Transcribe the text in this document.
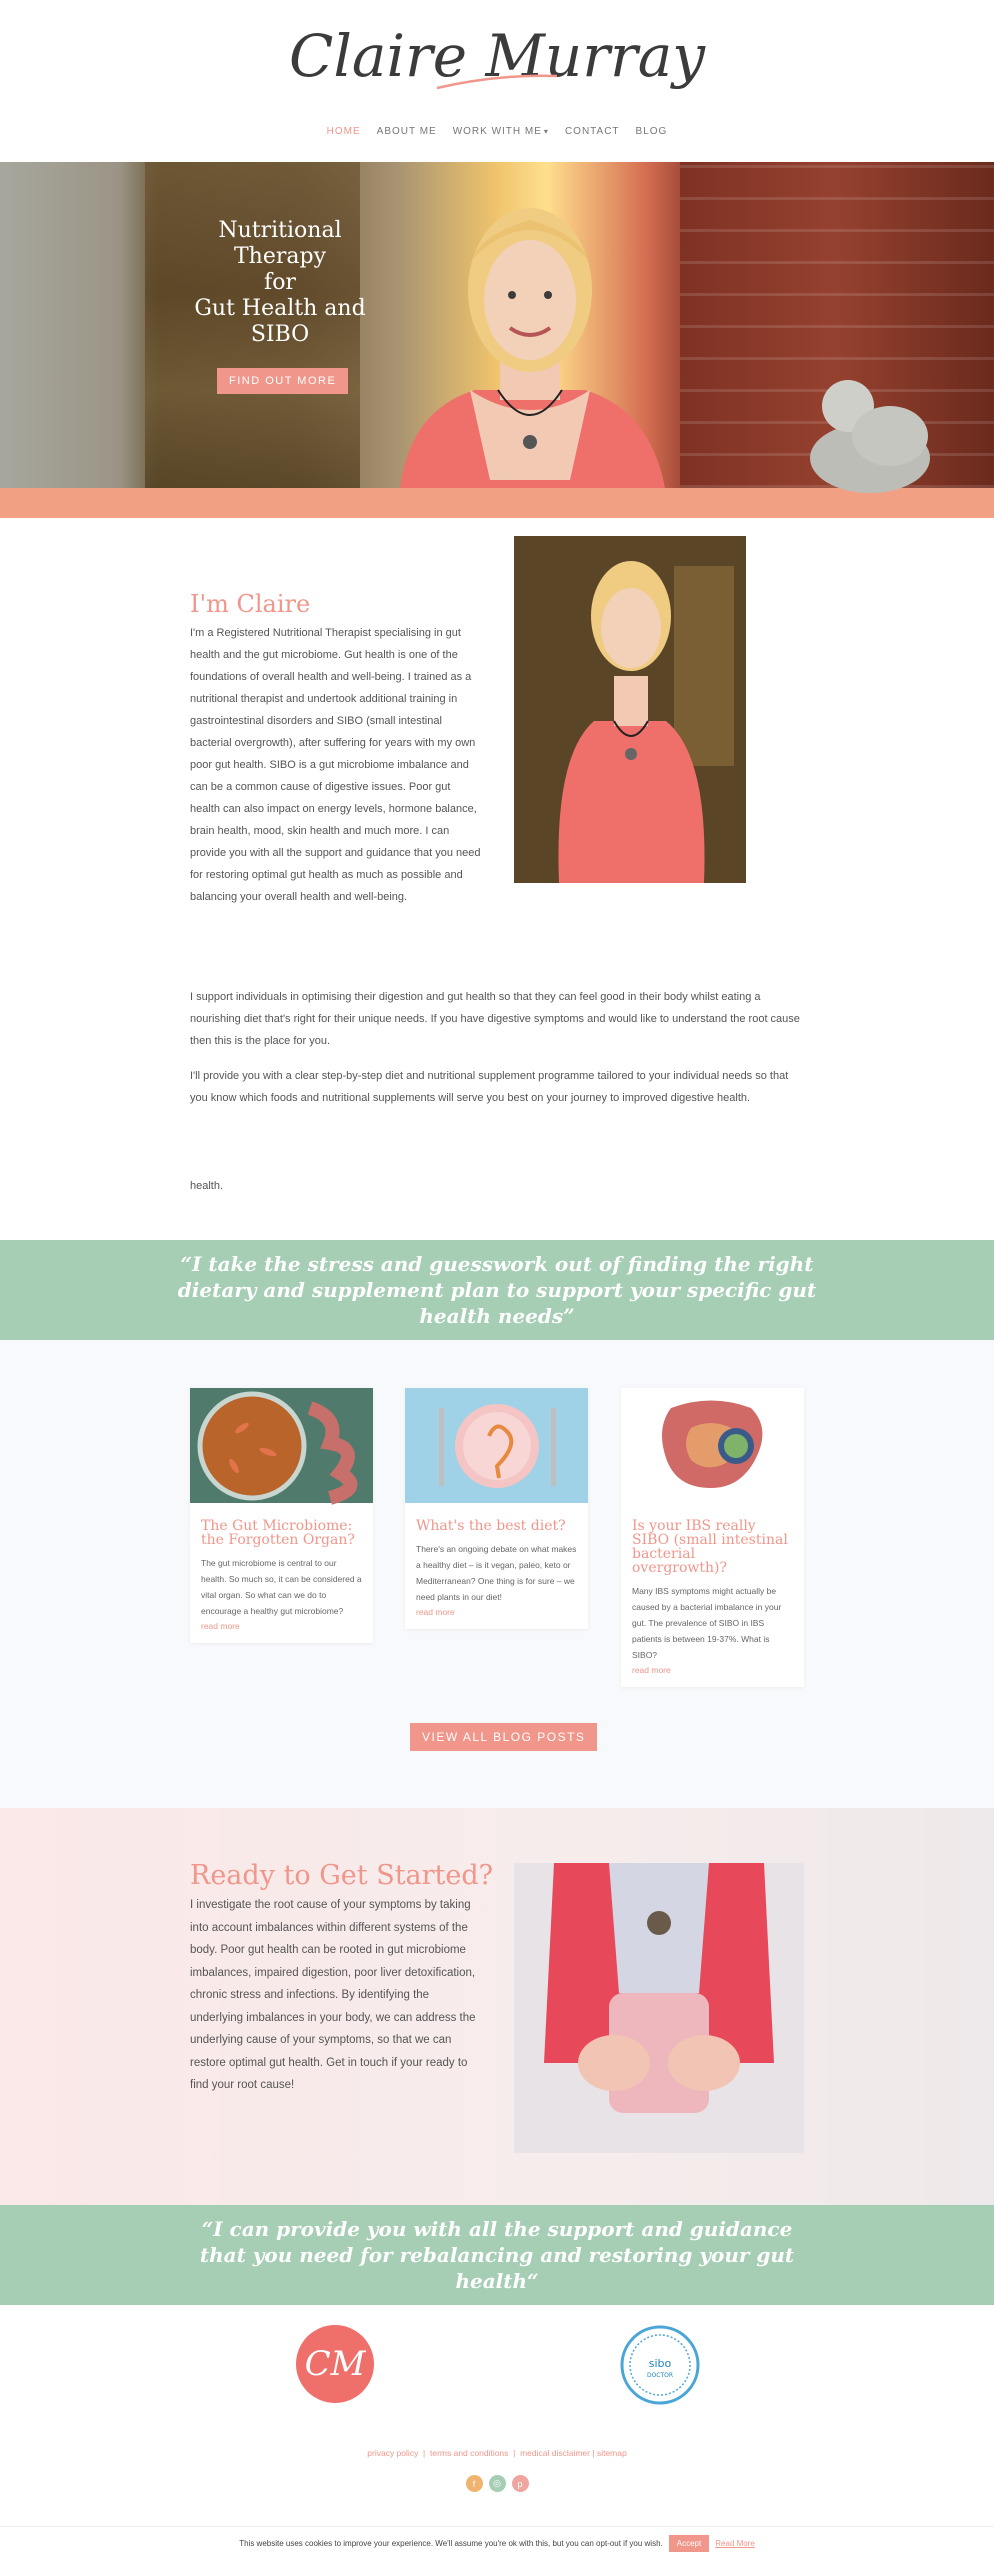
Claire Murray
HOME ABOUT ME WORK WITH ME ▾ CONTACT BLOG
Nutritional
Therapy
for
Gut Health and
SIBO
FIND OUT MORE
I'm Claire

I'm a Registered Nutritional Therapist specialising in gut health and the gut microbiome. Gut health is one of the foundations of overall health and well-being. I trained as a nutritional therapist and undertook additional training in gastrointestinal disorders and SIBO (small intestinal bacterial overgrowth), after suffering for years with my own poor gut health. SIBO is a gut microbiome imbalance and can be a common cause of digestive issues. Poor gut health can also impact on energy levels, hormone balance, brain health, mood, skin health and much more. I can provide you with all the support and guidance that you need for restoring optimal gut health as much as possible and balancing your overall health and well-being.

I support individuals in optimising their digestion and gut health so that they can feel good in their body whilst eating a nourishing diet that's right for their unique needs. If you have digestive symptoms and would like to understand the root cause then this is the place for you.

I'll provide you with a clear step-by-step diet and nutritional supplement programme tailored to your individual needs so that you know which foods and nutritional supplements will serve you best on your journey to improved digestive health.

health.

“I take the stress and guesswork out of finding the right dietary and supplement plan to support your specific gut health needs”

The Gut Microbiome: the Forgotten Organ?

The gut microbiome is central to our health. So much so, it can be considered a vital organ. So what can we do to encourage a healthy gut microbiome?

read more
What's the best diet?

There's an ongoing debate on what makes a healthy diet – is it vegan, paleo, keto or Mediterranean? One thing is for sure – we need plants in our diet!

read more
Is your IBS really SIBO (small intestinal bacterial overgrowth)?

Many IBS symptoms might actually be caused by a bacterial imbalance in your gut. The prevalence of SIBO in IBS patients is between 19-37%. What is SIBO?

read more
VIEW ALL BLOG POSTS
Ready to Get Started?

I investigate the root cause of your symptoms by taking into account imbalances within different systems of the body. Poor gut health can be rooted in gut microbiome imbalances, impaired digestion, poor liver detoxification, chronic stress and infections. By identifying the underlying imbalances in your body, we can address the underlying cause of your symptoms, so that we can restore optimal gut health. Get in touch if your ready to find your root cause!

“I can provide you with all the support and guidance that you need for rebalancing and restoring your gut health“

CM	sibo
DOCTOR
privacy policy  |  terms and conditions  |  medical disclaimer | sitemap
f	◎	p
This website uses cookies to improve your experience. We'll assume you're ok with this, but you can opt-out if you wish.	Accept	Read More
